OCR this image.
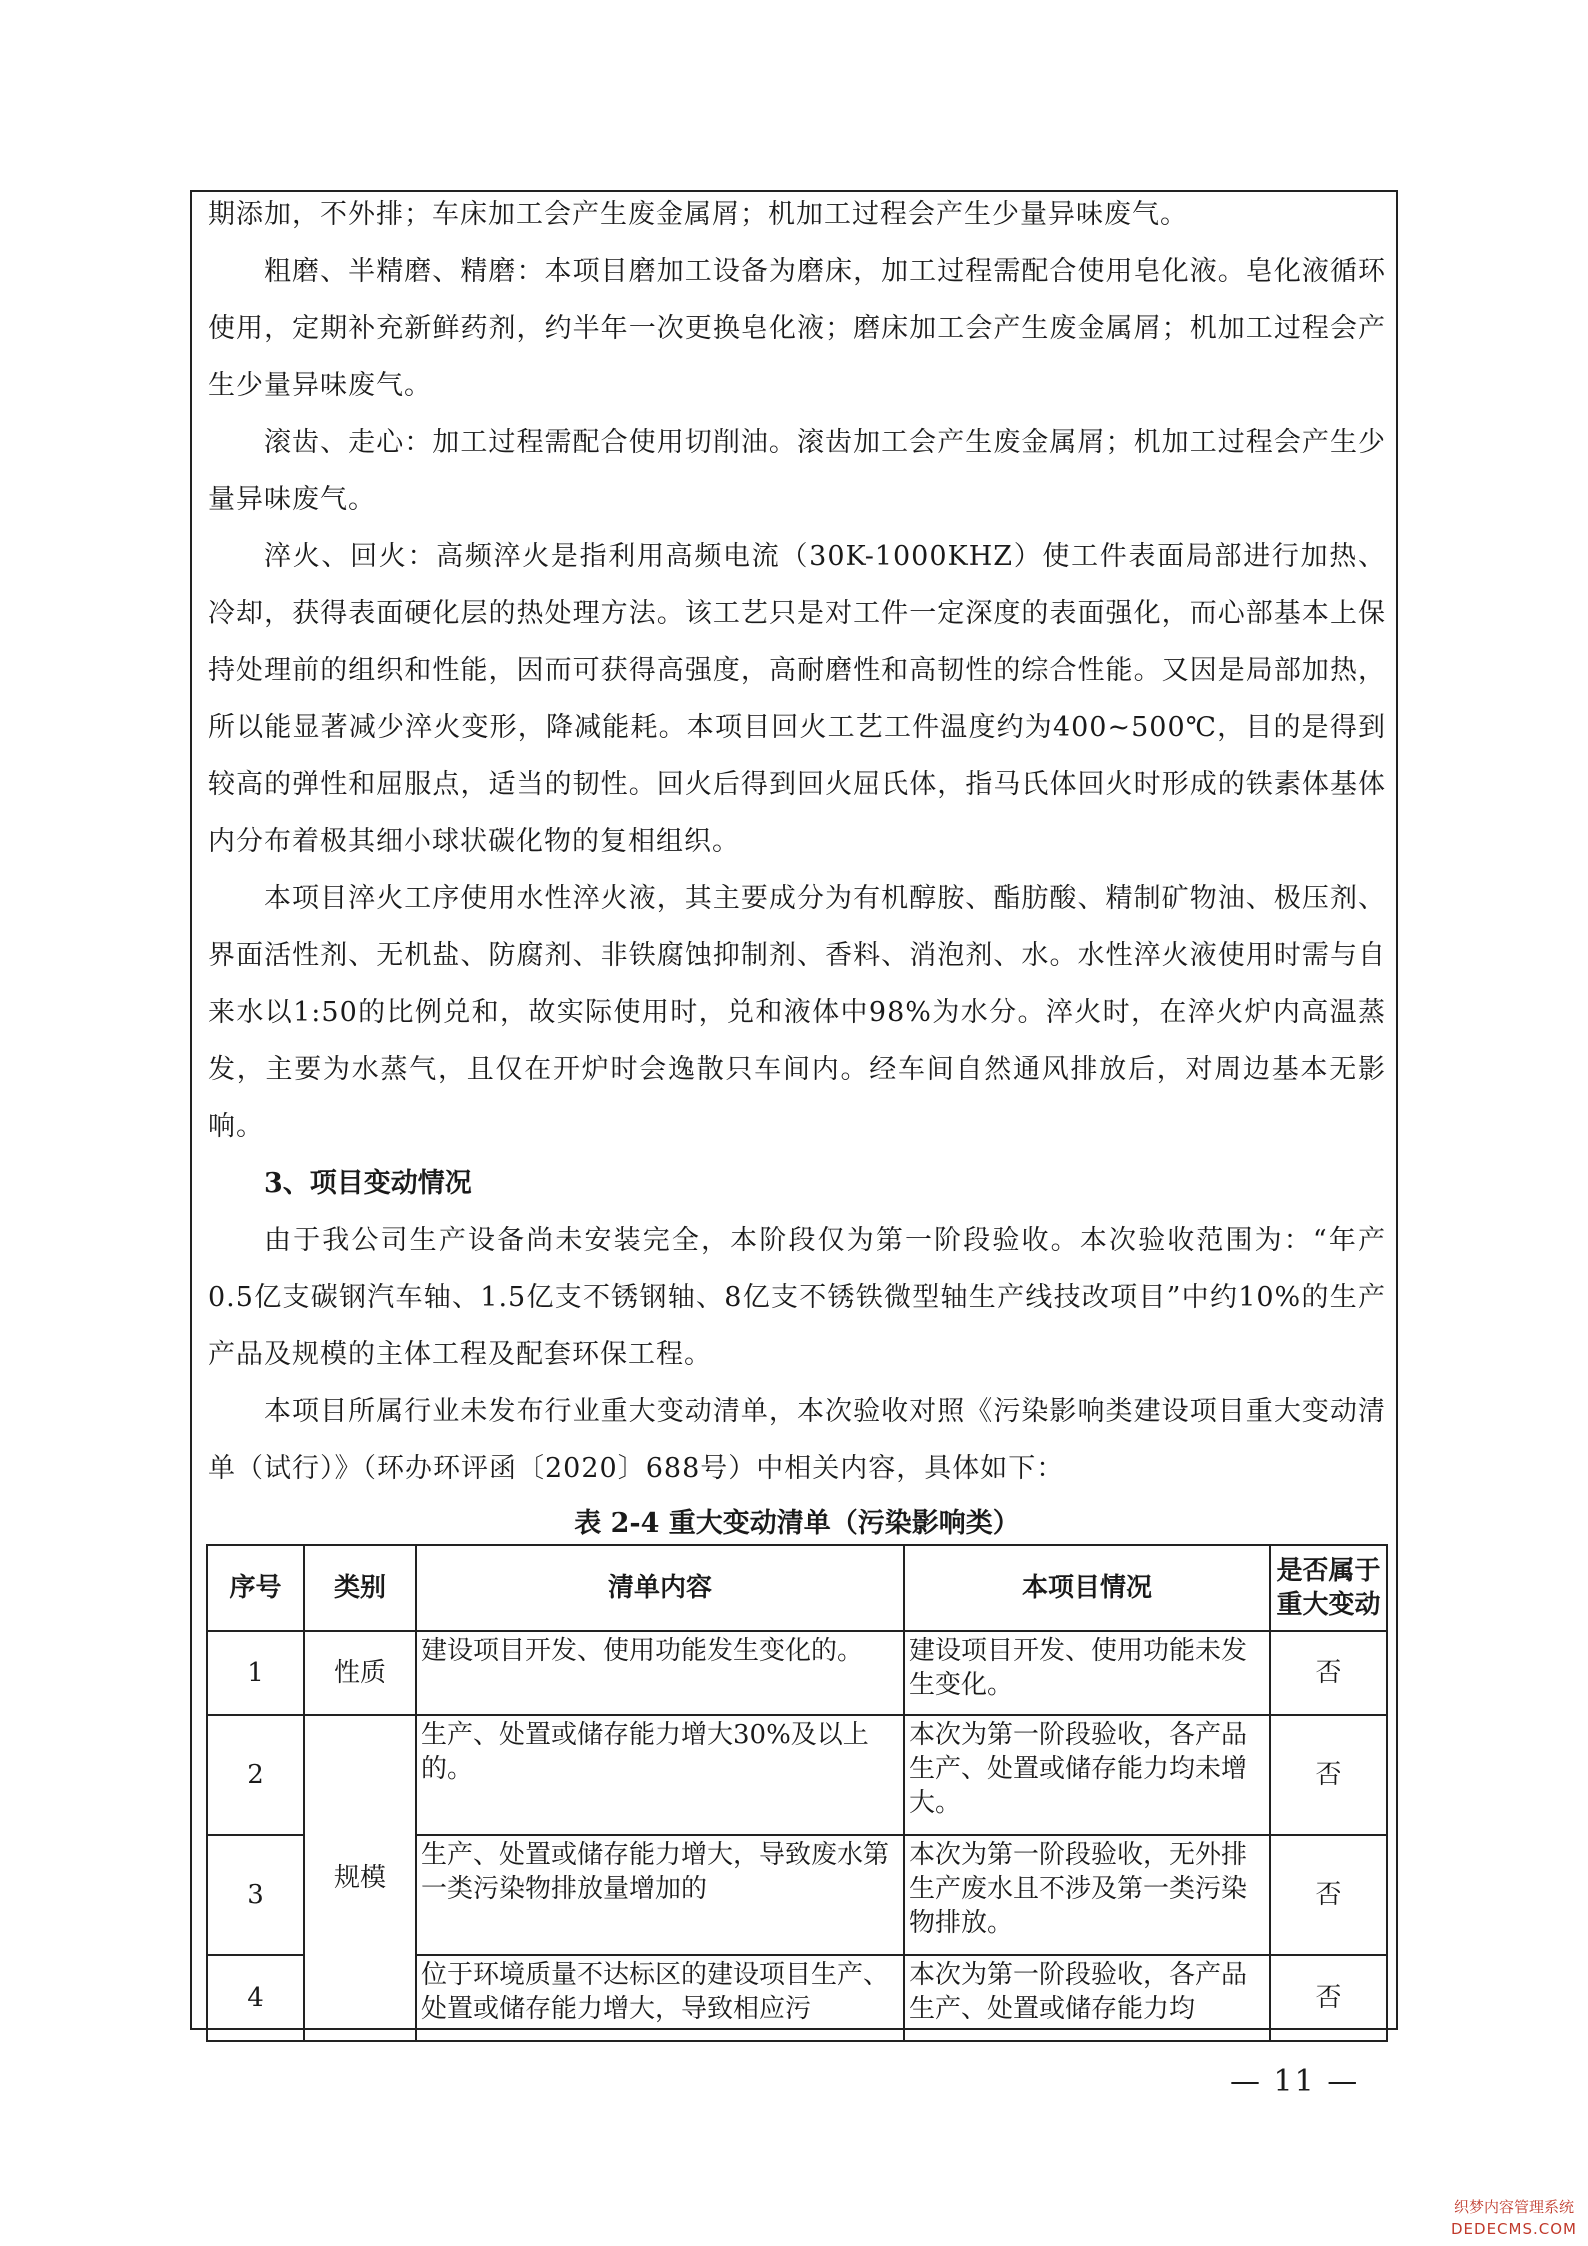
期添加，不外排；车床加工会产生废金属屑；机加工过程会产生少量异味废气。

粗磨、半精磨、精磨：本项目磨加工设备为磨床，加工过程需配合使用皂化液。皂化液循环使用，定期补充新鲜药剂，约半年一次更换皂化液；磨床加工会产生废金属屑；机加工过程会产生少量异味废气。

滚齿、走心：加工过程需配合使用切削油。滚齿加工会产生废金属屑；机加工过程会产生少量异味废气。

淬火、回火：高频淬火是指利用高频电流（30K-1000KHZ）使工件表面局部进行加热、冷却，获得表面硬化层的热处理方法。该工艺只是对工件一定深度的表面强化，而心部基本上保持处理前的组织和性能，因而可获得高强度，高耐磨性和高韧性的综合性能。又因是局部加热，所以能显著减少淬火变形，降减能耗。本项目回火工艺工件温度约为400~500℃，目的是得到较高的弹性和屈服点，适当的韧性。回火后得到回火屈氏体，指马氏体回火时形成的铁素体基体内分布着极其细小球状碳化物的复相组织。

本项目淬火工序使用水性淬火液，其主要成分为有机醇胺、酯肪酸、精制矿物油、极压剂、界面活性剂、无机盐、防腐剂、非铁腐蚀抑制剂、香料、消泡剂、水。水性淬火液使用时需与自来水以1:50的比例兑和，故实际使用时，兑和液体中98%为水分。淬火时，在淬火炉内高温蒸发，主要为水蒸气，且仅在开炉时会逸散只车间内。经车间自然通风排放后，对周边基本无影响。

3、项目变动情况

由于我公司生产设备尚未安装完全，本阶段仅为第一阶段验收。本次验收范围为：“年产0.5亿支碳钢汽车轴、1.5亿支不锈钢轴、8亿支不锈铁微型轴生产线技改项目”中约10%的生产产品及规模的主体工程及配套环保工程。

本项目所属行业未发布行业重大变动清单，本次验收对照《污染影响类建设项目重大变动清单（试行）》（环办环评函〔2020〕688号）中相关内容，具体如下：

表 2-4 重大变动清单（污染影响类）

序号	类别	清单内容	本项目情况	是否属于重大变动
1	性质	建设项目开发、使用功能发生变化的。	建设项目开发、使用功能未发生变化。	否
2	规模	生产、处置或储存能力增大30%及以上的。	本次为第一阶段验收，各产品生产、处置或储存能力均未增大。	否
3		生产、处置或储存能力增大，导致废水第一类污染物排放量增加的	本次为第一阶段验收，无外排生产废水且不涉及第一类污染物排放。	否
4		位于环境质量不达标区的建设项目生产、处置或储存能力增大，导致相应污	本次为第一阶段验收，各产品生产、处置或储存能力均	否
— 11 —
织梦内容管理系统
DEDECMS.COM
